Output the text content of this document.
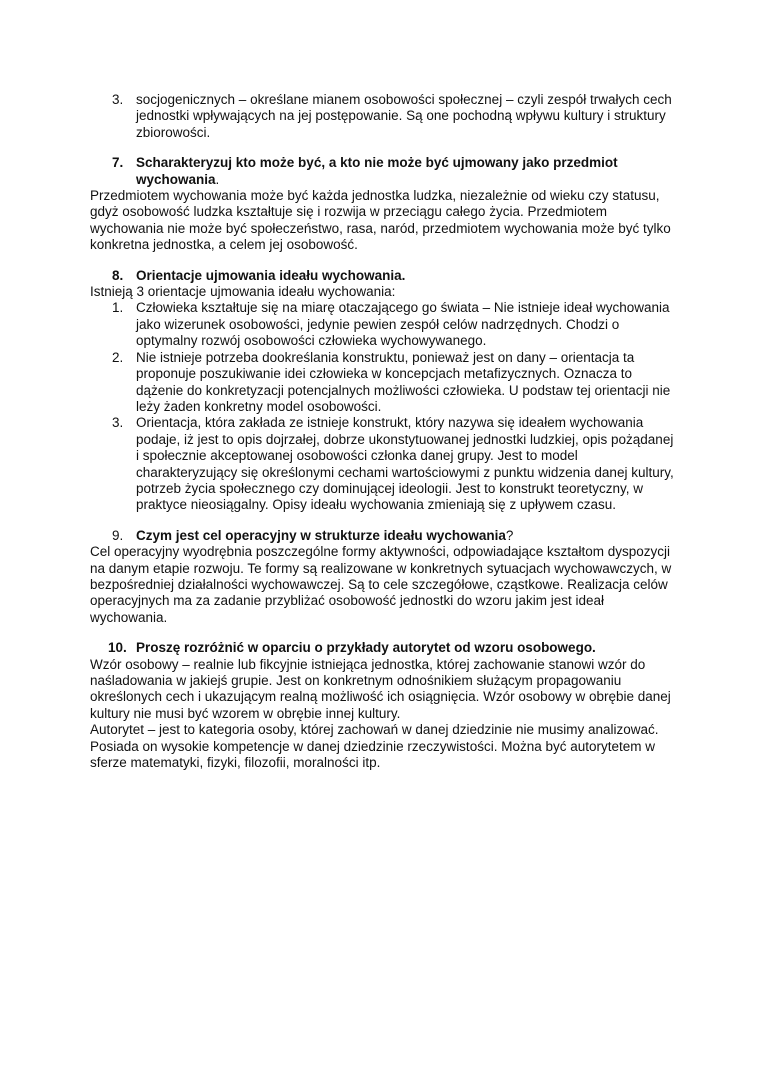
3. socjogenicznych – określane mianem osobowości społecznej – czyli zespół trwałych cech jednostki wpływających na jej postępowanie. Są one pochodną wpływu kultury i struktury zbiorowości.
7. Scharakteryzuj kto może być, a kto nie może być ujmowany jako przedmiot wychowania.

Przedmiotem wychowania może być każda jednostka ludzka, niezależnie od wieku czy statusu, gdyż osobowość ludzka kształtuje się i rozwija w przeciągu całego życia. Przedmiotem wychowania nie może być społeczeństwo, rasa, naród, przedmiotem wychowania może być tylko konkretna jednostka, a celem jej osobowość.

8. Orientacje ujmowania ideału wychowania.

Istnieją 3 orientacje ujmowania ideału wychowania:

1. Człowieka kształtuje się na miarę otaczającego go świata – Nie istnieje ideał wychowania jako wizerunek osobowości, jedynie pewien zespół celów nadrzędnych. Chodzi o optymalny rozwój osobowości człowieka wychowywanego.
2. Nie istnieje potrzeba dookreślania konstruktu, ponieważ jest on dany – orientacja ta proponuje poszukiwanie idei człowieka w koncepcjach metafizycznych. Oznacza to dążenie do konkretyzacji potencjalnych możliwości człowieka. U podstaw tej orientacji nie leży żaden konkretny model osobowości.
3. Orientacja, która zakłada ze istnieje konstrukt, który nazywa się ideałem wychowania podaje, iż jest to opis dojrzałej, dobrze ukonstytuowanej jednostki ludzkiej, opis pożądanej i społecznie akceptowanej osobowości członka danej grupy. Jest to model charakteryzujący się określonymi cechami wartościowymi z punktu widzenia danej kultury, potrzeb życia społecznego czy dominującej ideologii. Jest to konstrukt teoretyczny, w praktyce nieosiągalny. Opisy ideału wychowania zmieniają się z upływem czasu.
9. Czym jest cel operacyjny w strukturze ideału wychowania?

Cel operacyjny wyodrębnia poszczególne formy aktywności, odpowiadające kształtom dyspozycji na danym etapie rozwoju. Te formy są realizowane w konkretnych sytuacjach wychowawczych, w bezpośredniej działalności wychowawczej. Są to cele szczegółowe, cząstkowe. Realizacja celów operacyjnych ma za zadanie przybliżać osobowość jednostki do wzoru jakim jest ideał wychowania.

10. Proszę rozróżnić w oparciu o przykłady autorytet od wzoru osobowego.

Wzór osobowy – realnie lub fikcyjnie istniejąca jednostka, której zachowanie stanowi wzór do naśladowania w jakiejś grupie. Jest on konkretnym odnośnikiem służącym propagowaniu określonych cech i ukazującym realną możliwość ich osiągnięcia. Wzór osobowy w obrębie danej kultury nie musi być wzorem w obrębie innej kultury.

Autorytet – jest to kategoria osoby, której zachowań w danej dziedzinie nie musimy analizować. Posiada on wysokie kompetencje w danej dziedzinie rzeczywistości. Można być autorytetem w sferze matematyki, fizyki, filozofii, moralności itp.
